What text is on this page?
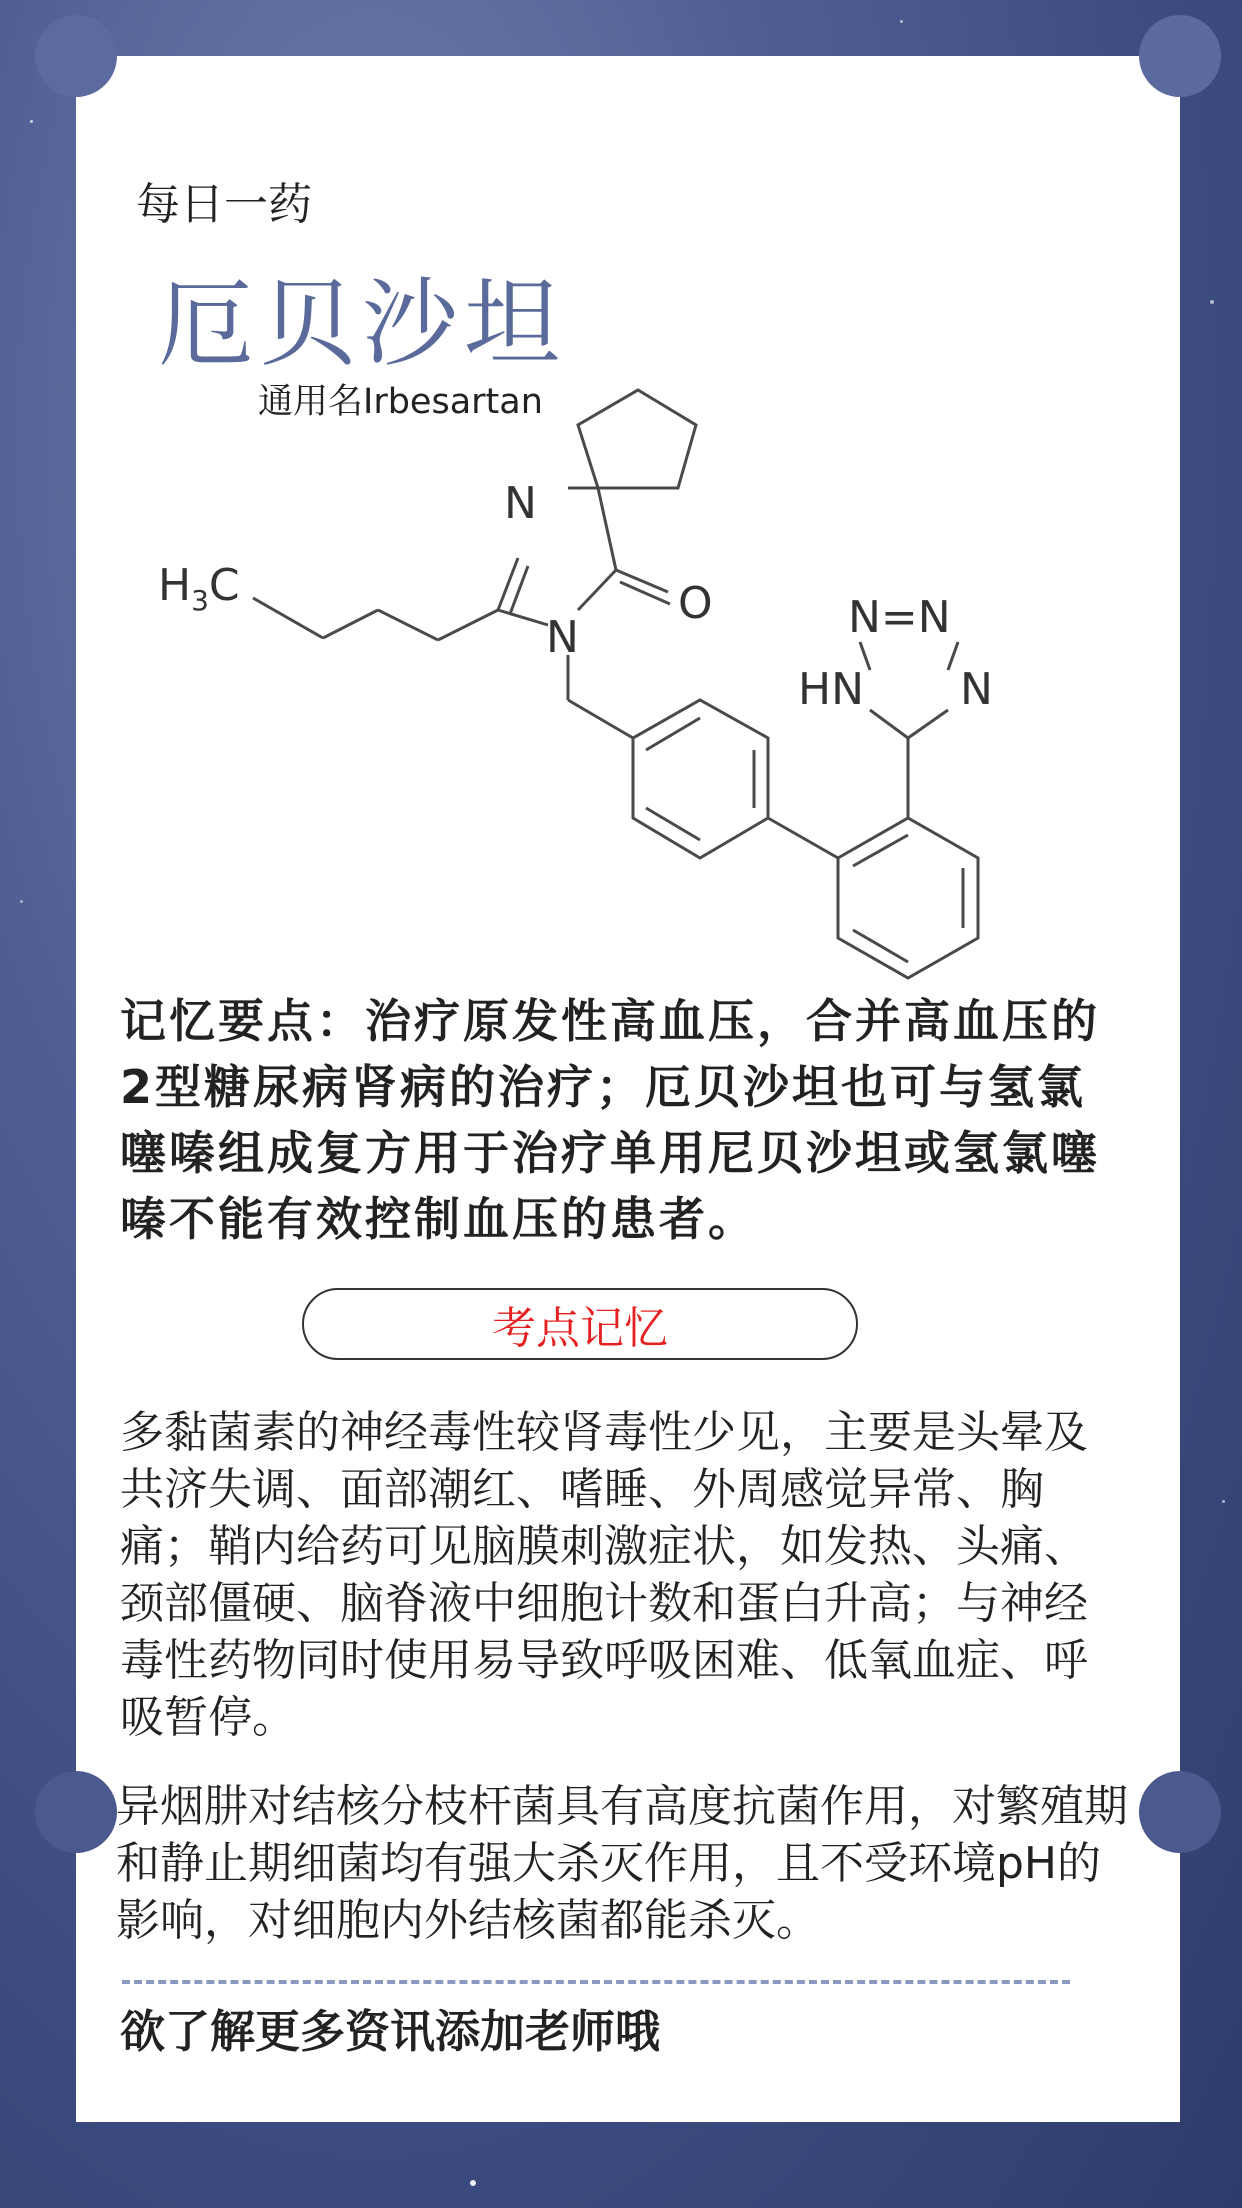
每日一药
厄贝沙坦
通用名Irbesartan
$H_3C$
N
N
O	N=N
HN N
记忆要点：治疗原发性高血压，合并高血压的2型糖尿病肾病的治疗；厄贝沙坦也可与氢氯噻嗪组成复方用于治疗单用尼贝沙坦或氢氯噻嗪不能有效控制血压的患者。
考点记忆
多黏菌素的神经毒性较肾毒性少见，主要是头晕及共济失调、面部潮红、嗜睡、外周感觉异常、胸痛；鞘内给药可见脑膜刺激症状，如发热、头痛、颈部僵硬、脑脊液中细胞计数和蛋白升高；与神经毒性药物同时使用易导致呼吸困难、低氧血症、呼吸暂停。
异烟肼对结核分枝杆菌具有高度抗菌作用，对繁殖期和静止期细菌均有强大杀灭作用，且不受环境pH的影响，对细胞内外结核菌都能杀灭。
欲了解更多资讯添加老师哦
